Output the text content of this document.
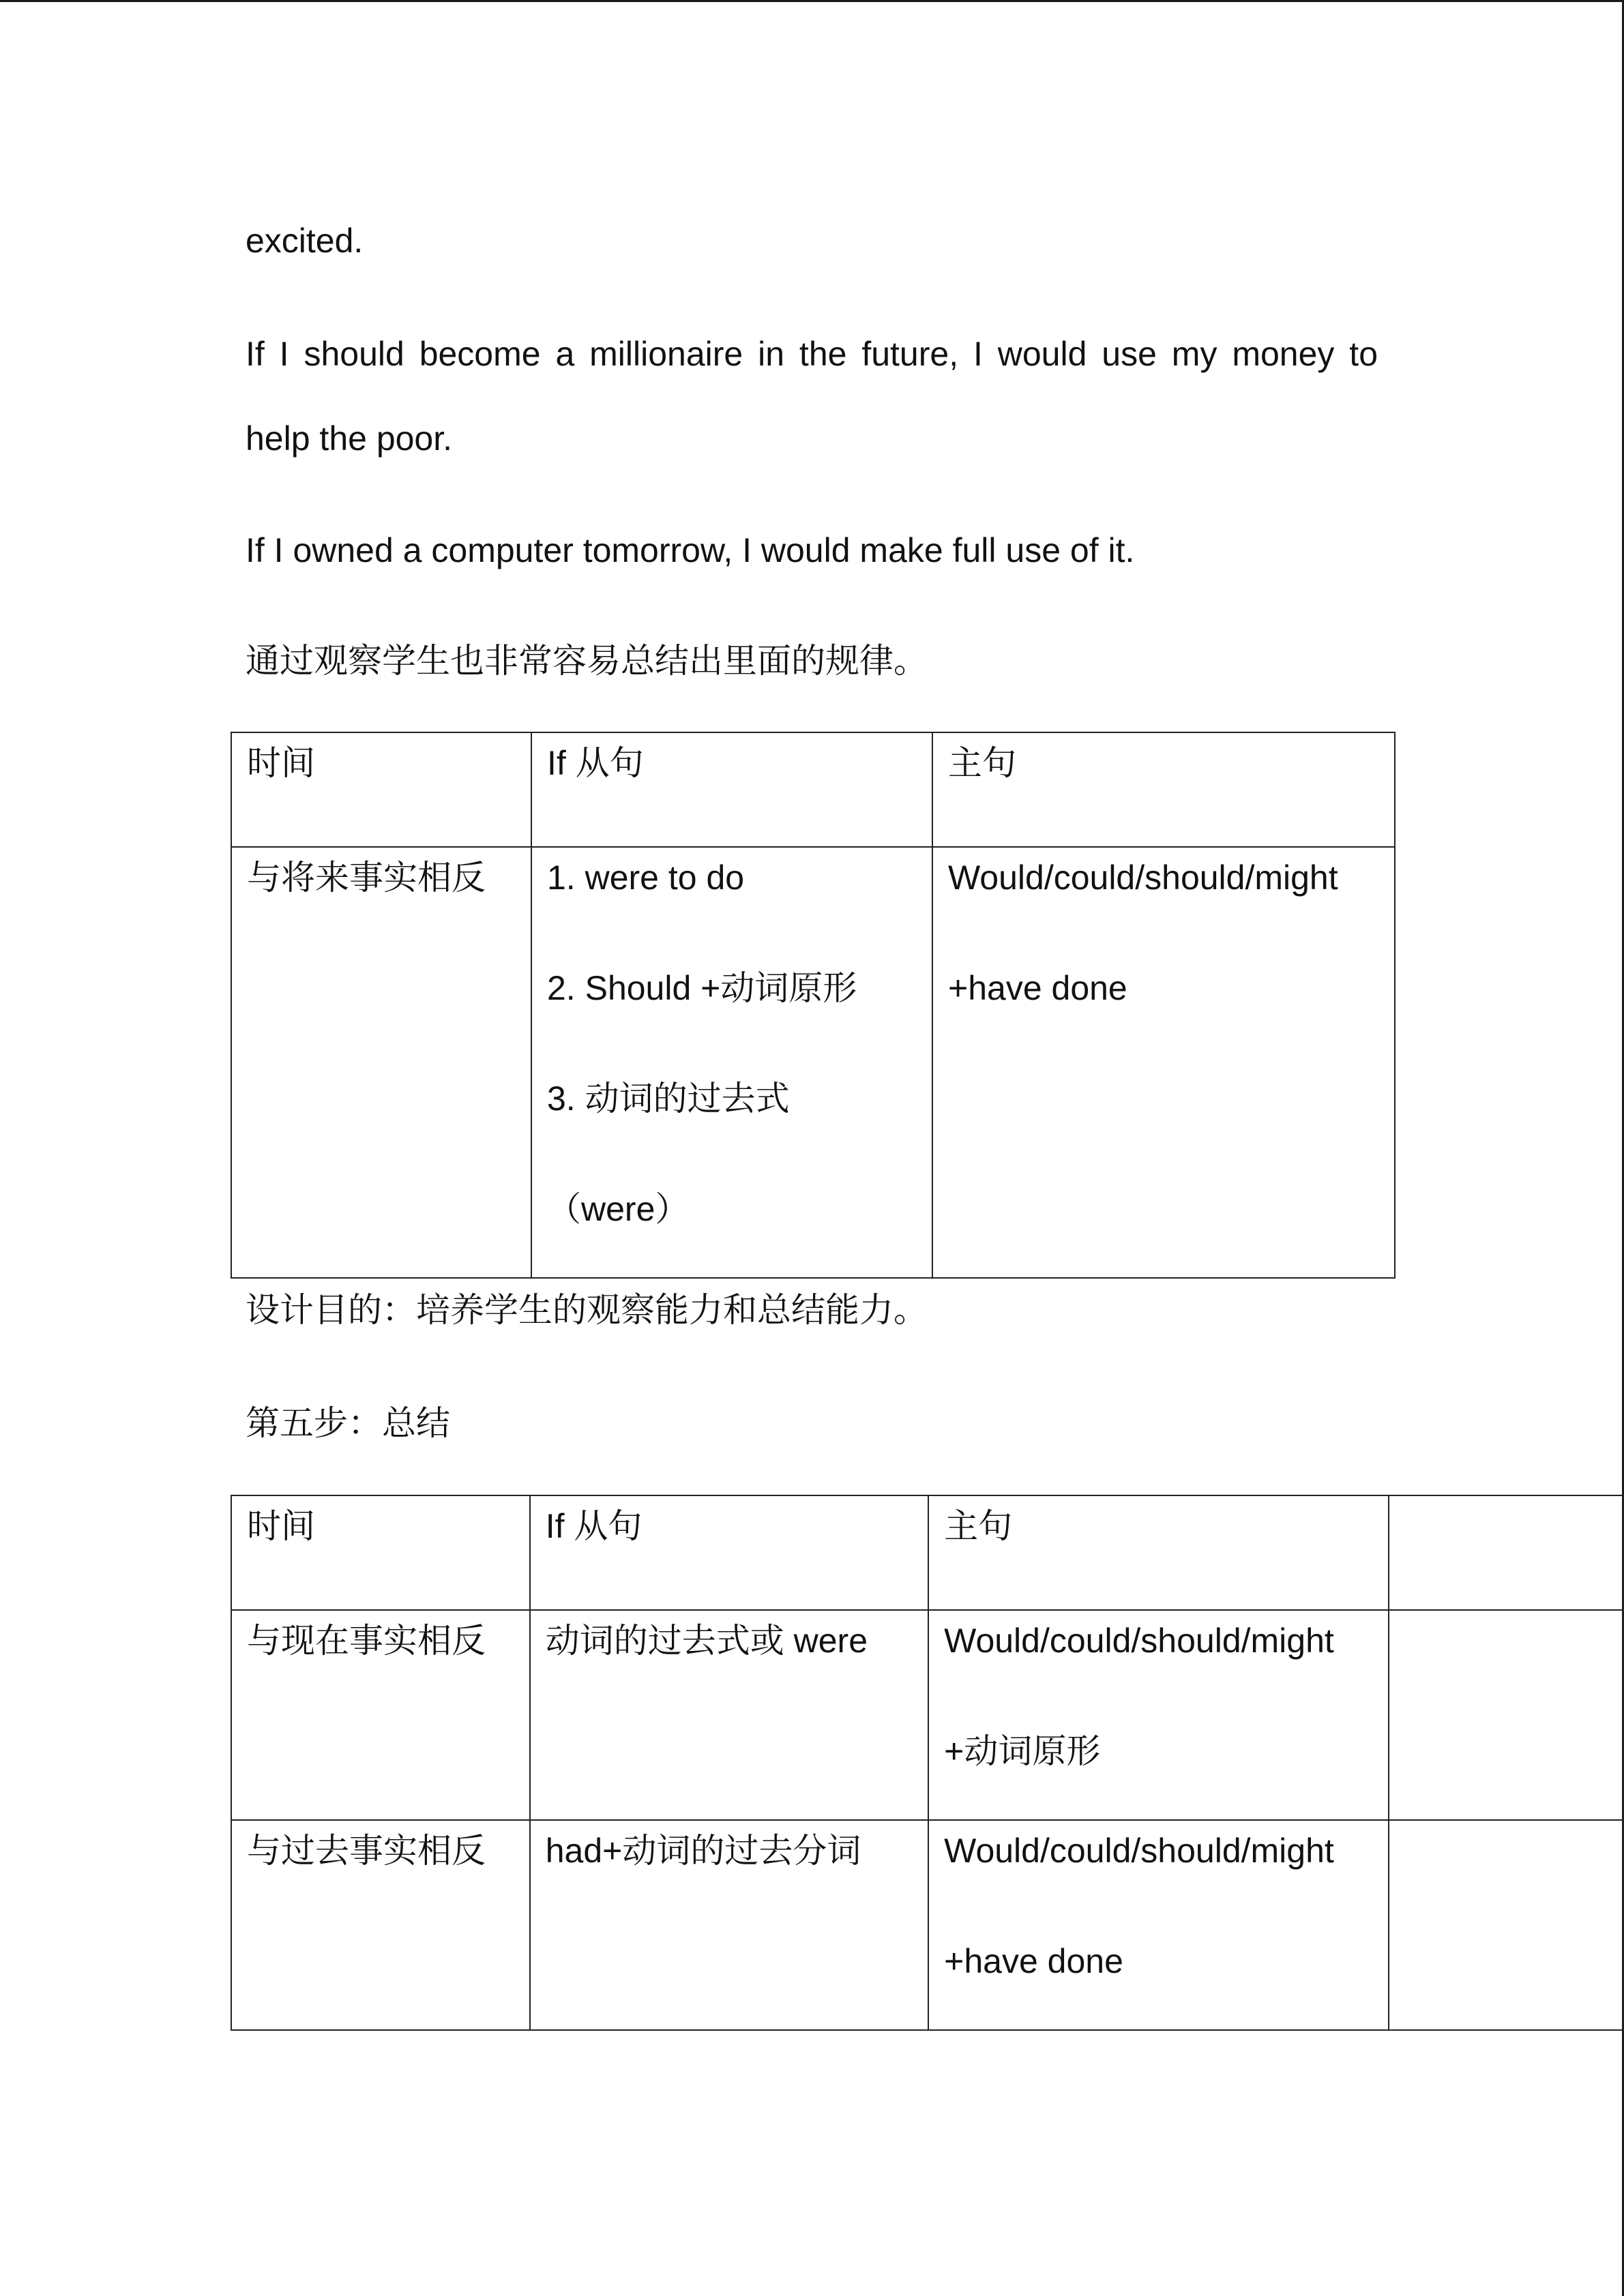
excited.

If I should become a millionaire in the future, I would use my money to

help the poor.

If I owned a computer tomorrow, I would make full use of it.

通过观察学生也非常容易总结出里面的规律。

时间	If 从句	主句

与将来事实相反	1. were to do
2. Should +动词原形
3. 动词的过去式
（were）	Would/could/should/might
+have done

设计目的：培养学生的观察能力和总结能力。

第五步：总结

时间	If 从句	主句	

与现在事实相反	动词的过去式或 were	Would/could/should/might
+动词原形	

与过去事实相反	had+动词的过去分词	Would/could/should/might
+have done	
